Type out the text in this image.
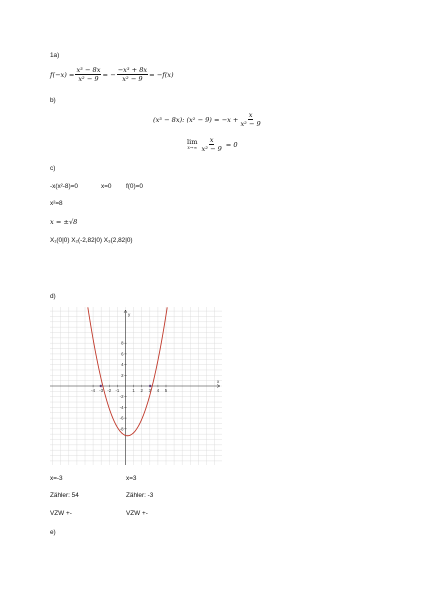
1a)
$f(-x) = \frac{\text{x³ − 8x}}{\text{x² − 9}}$ = − $\frac{\text{−x³ + 8x}}{\text{x² − 9}} = -f(x)$
b)
(x³ − 8x): $(x^2 - 9) = -x + \frac{x}{\text{x² − 9}}$
lim
$x\to\infty \frac{x}{\text{x² − 9}} = 0$
c)
-x(x²-8)=0	x=0 f(0)=0
x²=8
x = ±√8
X₁(0|0) X₂(-2,82|0) X₃(2,82|0)
d)
x
y
-4 -3 -2 -1	1 2 3 4 5
8
6
4
2
-2
-4
-6
-8
x=-3	x=3
Zähler: 54	Zähler: -3
VZW +-	VZW +-
e)
